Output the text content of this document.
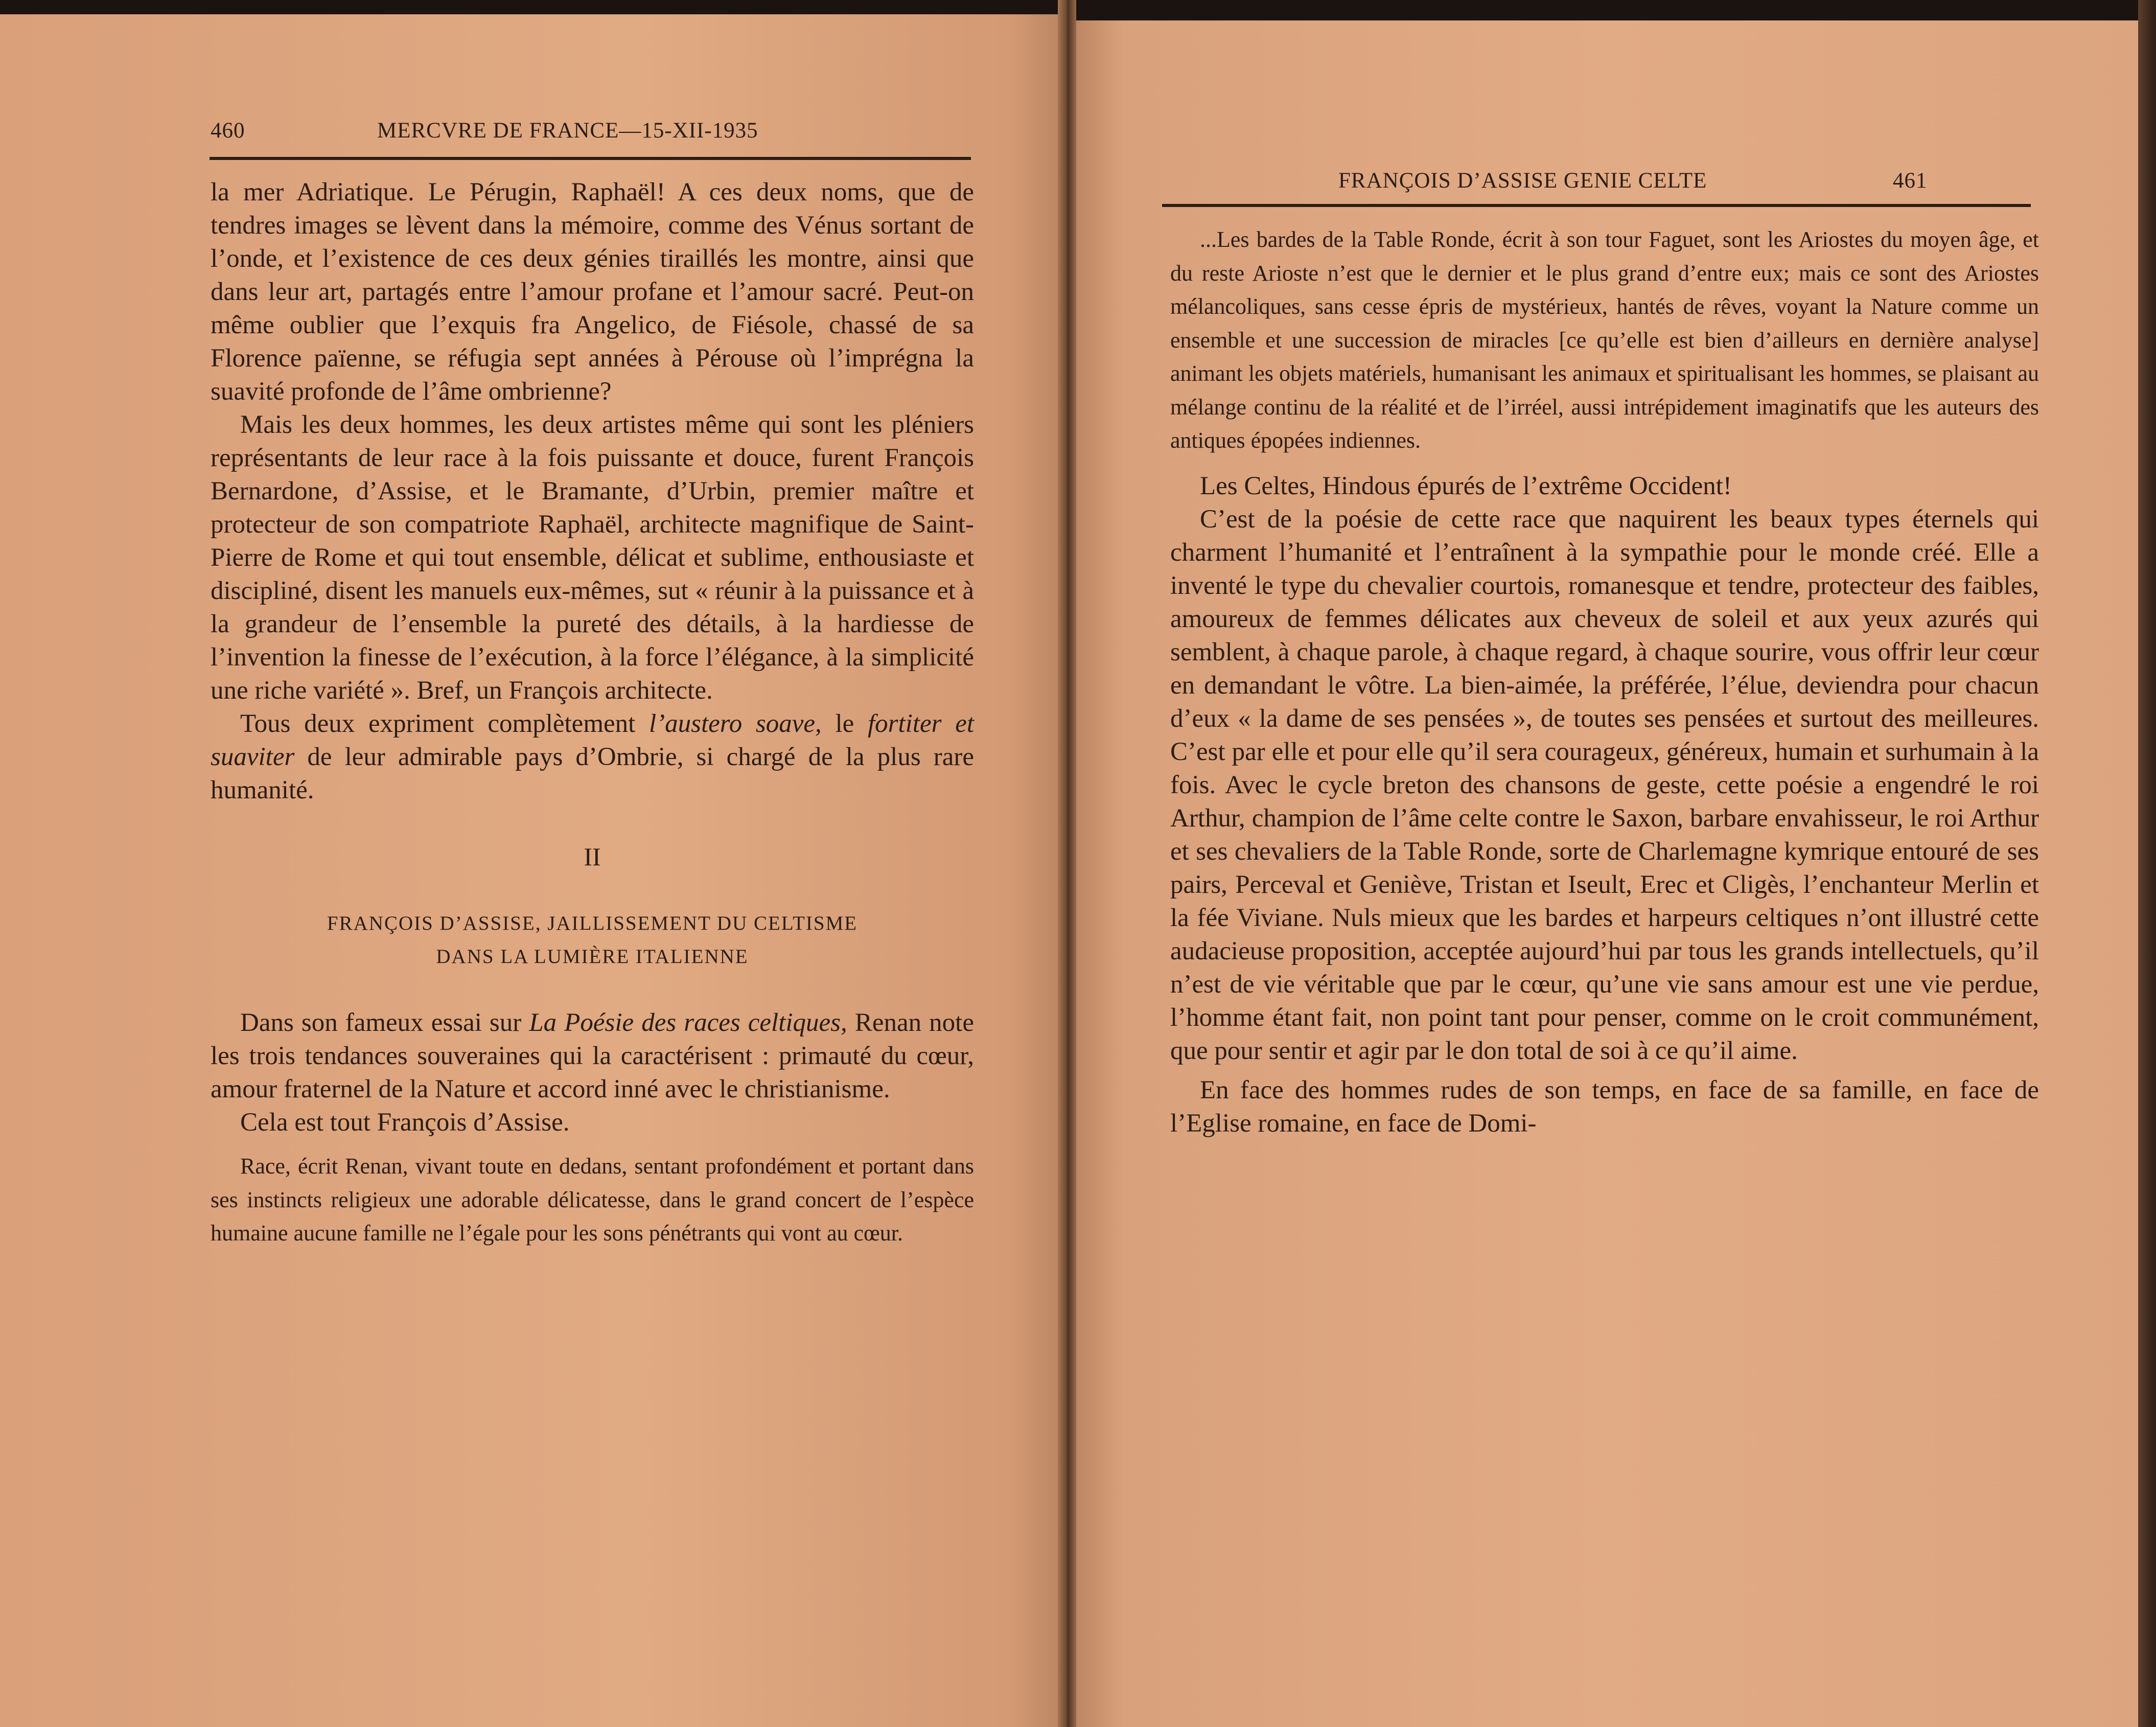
460	MERCVRE DE FRANCE—15-XII-1935

la mer Adriatique. Le Pérugin, Raphaël! A ces deux noms, que de tendres images se lèvent dans la mémoire, comme des Vénus sortant de l’onde, et l’existence de ces deux génies tiraillés les montre, ainsi que dans leur art, partagés entre l’amour profane et l’amour sacré. Peut-on même oublier que l’exquis fra Angelico, de Fiésole, chassé de sa Florence païenne, se réfugia sept années à Pérouse où l’imprégna la suavité profonde de l’âme ombrienne?

Mais les deux hommes, les deux artistes même qui sont les pléniers représentants de leur race à la fois puissante et douce, furent François Bernardone, d’Assise, et le Bramante, d’Urbin, premier maître et protecteur de son compatriote Raphaël, architecte magnifique de Saint-Pierre de Rome et qui tout ensemble, délicat et sublime, enthousiaste et discipliné, disent les manuels eux-mêmes, sut « réunir à la puissance et à la grandeur de l’ensemble la pureté des détails, à la hardiesse de l’invention la finesse de l’exécution, à la force l’élégance, à la simplicité une riche variété ». Bref, un François architecte.

Tous deux expriment complètement l’austero soave, le fortiter et suaviter de leur admirable pays d’Ombrie, si chargé de la plus rare humanité.

II

FRANÇOIS D’ASSISE, JAILLISSEMENT DU CELTISME

DANS LA LUMIÈRE ITALIENNE

Dans son fameux essai sur La Poésie des races celtiques, Renan note les trois tendances souveraines qui la caractérisent : primauté du cœur, amour fraternel de la Nature et accord inné avec le christianisme.

Cela est tout François d’Assise.

Race, écrit Renan, vivant toute en dedans, sentant profondément et portant dans ses instincts religieux une adorable délicatesse, dans le grand concert de l’espèce humaine aucune famille ne l’égale pour les sons pénétrants qui vont au cœur.

FRANÇOIS D’ASSISE GENIE CELTE	461

...Les bardes de la Table Ronde, écrit à son tour Faguet, sont les Ariostes du moyen âge, et du reste Arioste n’est que le dernier et le plus grand d’entre eux; mais ce sont des Ariostes mélancoliques, sans cesse épris de mystérieux, hantés de rêves, voyant la Nature comme un ensemble et une succession de miracles [ce qu’elle est bien d’ailleurs en dernière analyse] animant les objets matériels, humanisant les animaux et spiritualisant les hommes, se plaisant au mélange continu de la réalité et de l’irréel, aussi intrépidement imaginatifs que les auteurs des antiques épopées indiennes.

Les Celtes, Hindous épurés de l’extrême Occident!

C’est de la poésie de cette race que naquirent les beaux types éternels qui charment l’humanité et l’entraînent à la sympathie pour le monde créé. Elle a inventé le type du chevalier courtois, romanesque et tendre, protecteur des faibles, amoureux de femmes délicates aux cheveux de soleil et aux yeux azurés qui semblent, à chaque parole, à chaque regard, à chaque sourire, vous offrir leur cœur en demandant le vôtre. La bien-aimée, la préférée, l’élue, deviendra pour chacun d’eux « la dame de ses pensées », de toutes ses pensées et surtout des meilleures. C’est par elle et pour elle qu’il sera courageux, généreux, humain et surhumain à la fois. Avec le cycle breton des chansons de geste, cette poésie a engendré le roi Arthur, champion de l’âme celte contre le Saxon, barbare envahisseur, le roi Arthur et ses chevaliers de la Table Ronde, sorte de Charlemagne kymrique entouré de ses pairs, Perceval et Geniève, Tristan et Iseult, Erec et Cligès, l’enchanteur Merlin et la fée Viviane. Nuls mieux que les bardes et harpeurs celtiques n’ont illustré cette audacieuse proposition, acceptée aujourd’hui par tous les grands intellectuels, qu’il n’est de vie véritable que par le cœur, qu’une vie sans amour est une vie perdue, l’homme étant fait, non point tant pour penser, comme on le croit communément, que pour sentir et agir par le don total de soi à ce qu’il aime.

En face des hommes rudes de son temps, en face de sa famille, en face de l’Eglise romaine, en face de Domi-
